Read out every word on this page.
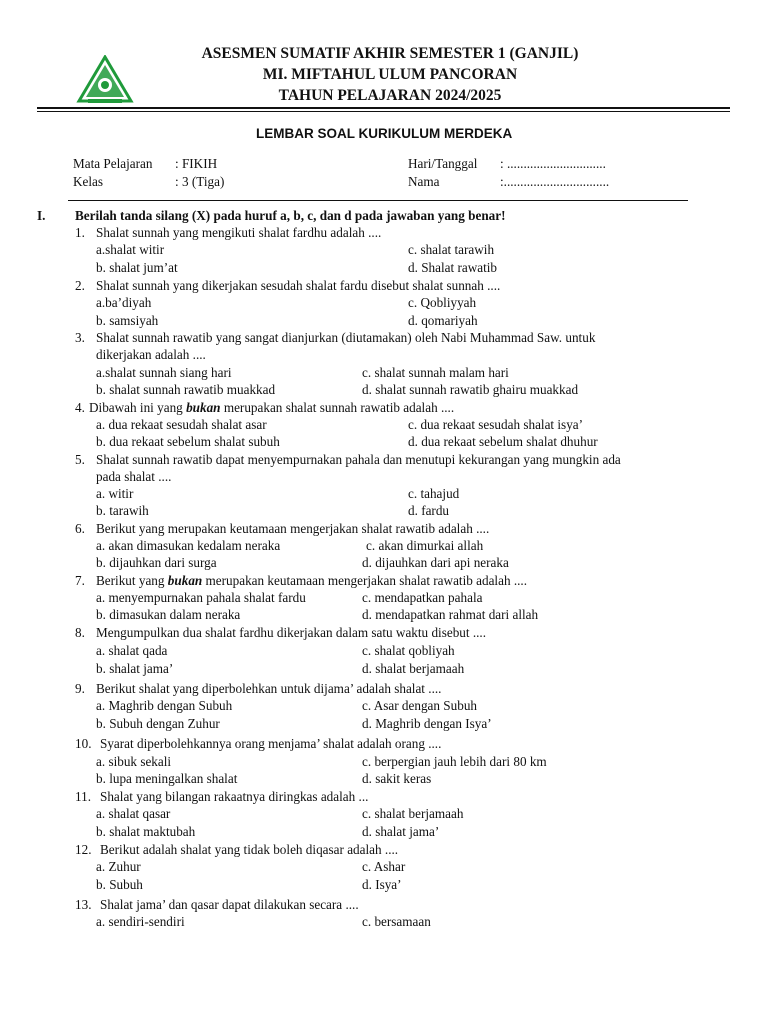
ASESMEN SUMATIF AKHIR SEMESTER 1 (GANJIL)
MI. MIFTAHUL ULUM PANCORAN
TAHUN PELAJARAN 2024/2025
LEMBAR SOAL KURIKULUM MERDEKA
Mata Pelajaran : FIKIH
Kelas	: 3 (Tiga)
Hari/Tanggal : ..............................
Nama	:................................
I. Berilah tanda silang (X) pada huruf a, b, c, dan d pada jawaban yang benar!
1. Shalat sunnah yang mengikuti shalat fardhu adalah ....
a.shalat witir	c. shalat tarawih
b. shalat jum’at	d. Shalat rawatib
2. Shalat sunnah yang dikerjakan sesudah shalat fardu disebut shalat sunnah ....
a.ba’diyah	c. Qobliyyah
b. samsiyah	d. qomariyah
3. Shalat sunnah rawatib yang sangat dianjurkan (diutamakan) oleh Nabi Muhammad Saw. untuk
dikerjakan adalah ....
a.shalat sunnah siang hari	c. shalat sunnah malam hari
b. shalat sunnah rawatib muakkad	d. shalat sunnah rawatib ghairu muakkad
4. Dibawah ini yang bukan merupakan shalat sunnah rawatib adalah ....
a. dua rekaat sesudah shalat asar	c. dua rekaat sesudah shalat isya’
b. dua rekaat sebelum shalat subuh	d. dua rekaat sebelum shalat dhuhur
5. Shalat sunnah rawatib dapat menyempurnakan pahala dan menutupi kekurangan yang mungkin ada
pada shalat ....
a. witir	c. tahajud
b. tarawih	d. fardu
6. Berikut yang merupakan keutamaan mengerjakan shalat rawatib adalah ....
a. akan dimasukan kedalam neraka	c. akan dimurkai allah
b. dijauhkan dari surga	d. dijauhkan dari api neraka
7. Berikut yang bukan merupakan keutamaan mengerjakan shalat rawatib adalah ....
a. menyempurnakan pahala shalat fardu	c. mendapatkan pahala
b. dimasukan dalam neraka	d. mendapatkan rahmat dari allah
8. Mengumpulkan dua shalat fardhu dikerjakan dalam satu waktu disebut ....
a. shalat qada	c. shalat qobliyah
b. shalat jama’	d. shalat berjamaah
9. Berikut shalat yang diperbolehkan untuk dijama’ adalah shalat ....
a. Maghrib dengan Subuh	c. Asar dengan Subuh
b. Subuh dengan Zuhur	d. Maghrib dengan Isya’
10. Syarat diperbolehkannya orang menjama’ shalat adalah orang ....
a. sibuk sekali	c. berpergian jauh lebih dari 80 km
b. lupa meningalkan shalat	d. sakit keras
11. Shalat yang bilangan rakaatnya diringkas adalah ...
a. shalat qasar	c. shalat berjamaah
b. shalat maktubah	d. shalat jama’
12. Berikut adalah shalat yang tidak boleh diqasar adalah ....
a. Zuhur	c. Ashar
b. Subuh	d. Isya’
13. Shalat jama’ dan qasar dapat dilakukan secara ....
a. sendiri-sendiri	c. bersamaan
